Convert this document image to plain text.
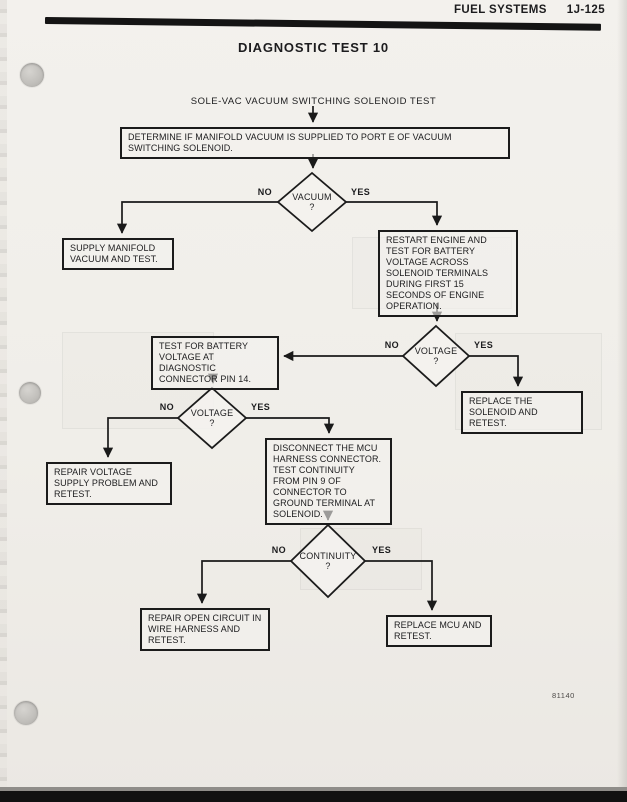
FUEL SYSTEMS 1J-125
DIAGNOSTIC TEST 10
SOLE-VAC VACUUM SWITCHING SOLENOID TEST
DETERMINE IF MANIFOLD VACUUM IS SUPPLIED TO PORT E OF VACUUM SWITCHING SOLENOID.
SUPPLY MANIFOLD VACUUM AND TEST.
RESTART ENGINE AND TEST FOR BATTERY VOLTAGE ACROSS SOLENOID TERMINALS DURING FIRST 15 SECONDS OF ENGINE OPERATION.
TEST FOR BATTERY VOLTAGE AT DIAGNOSTIC CONNECTOR PIN 14.
REPLACE THE SOLENOID AND RETEST.
REPAIR VOLTAGE SUPPLY PROBLEM AND RETEST.
DISCONNECT THE MCU HARNESS CONNECTOR. TEST CONTINUITY FROM PIN 9 OF CONNECTOR TO GROUND TERMINAL AT SOLENOID.
REPAIR OPEN CIRCUIT IN WIRE HARNESS AND RETEST.
REPLACE MCU AND RETEST.
VACUUM
?
VOLTAGE
?
VOLTAGE
?
CONTINUITY
?
NO	YES
NO	YES
NO	YES
NO	YES
81140
